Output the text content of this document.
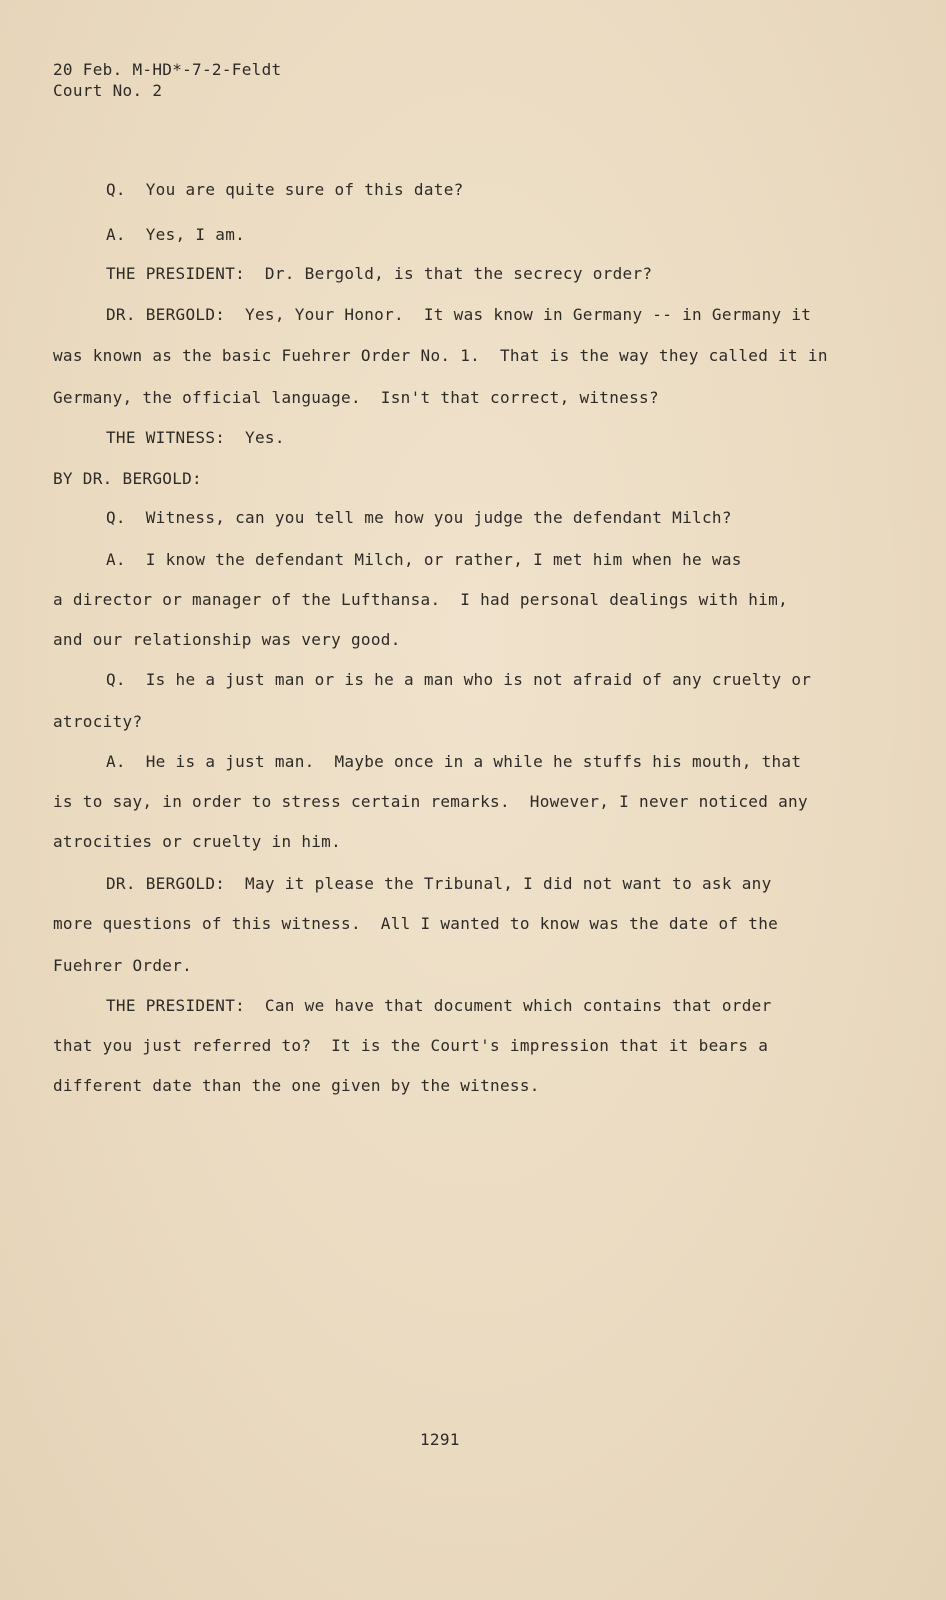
20 Feb. M-HD*-7-2-Feldt
Court No. 2
Q.  You are quite sure of this date?
A.  Yes, I am.
THE PRESIDENT:  Dr. Bergold, is that the secrecy order?
DR. BERGOLD:  Yes, Your Honor.  It was know in Germany -- in Germany it
was known as the basic Fuehrer Order No. 1.  That is the way they called it in
Germany, the official language.  Isn't that correct, witness?
THE WITNESS:  Yes.
BY DR. BERGOLD:
Q.  Witness, can you tell me how you judge the defendant Milch?
A.  I know the defendant Milch, or rather, I met him when he was
a director or manager of the Lufthansa.  I had personal dealings with him,
and our relationship was very good.
Q.  Is he a just man or is he a man who is not afraid of any cruelty or
atrocity?
A.  He is a just man.  Maybe once in a while he stuffs his mouth, that
is to say, in order to stress certain remarks.  However, I never noticed any
atrocities or cruelty in him.
DR. BERGOLD:  May it please the Tribunal, I did not want to ask any
more questions of this witness.  All I wanted to know was the date of the
Fuehrer Order.
THE PRESIDENT:  Can we have that document which contains that order
that you just referred to?  It is the Court's impression that it bears a
different date than the one given by the witness.
1291
